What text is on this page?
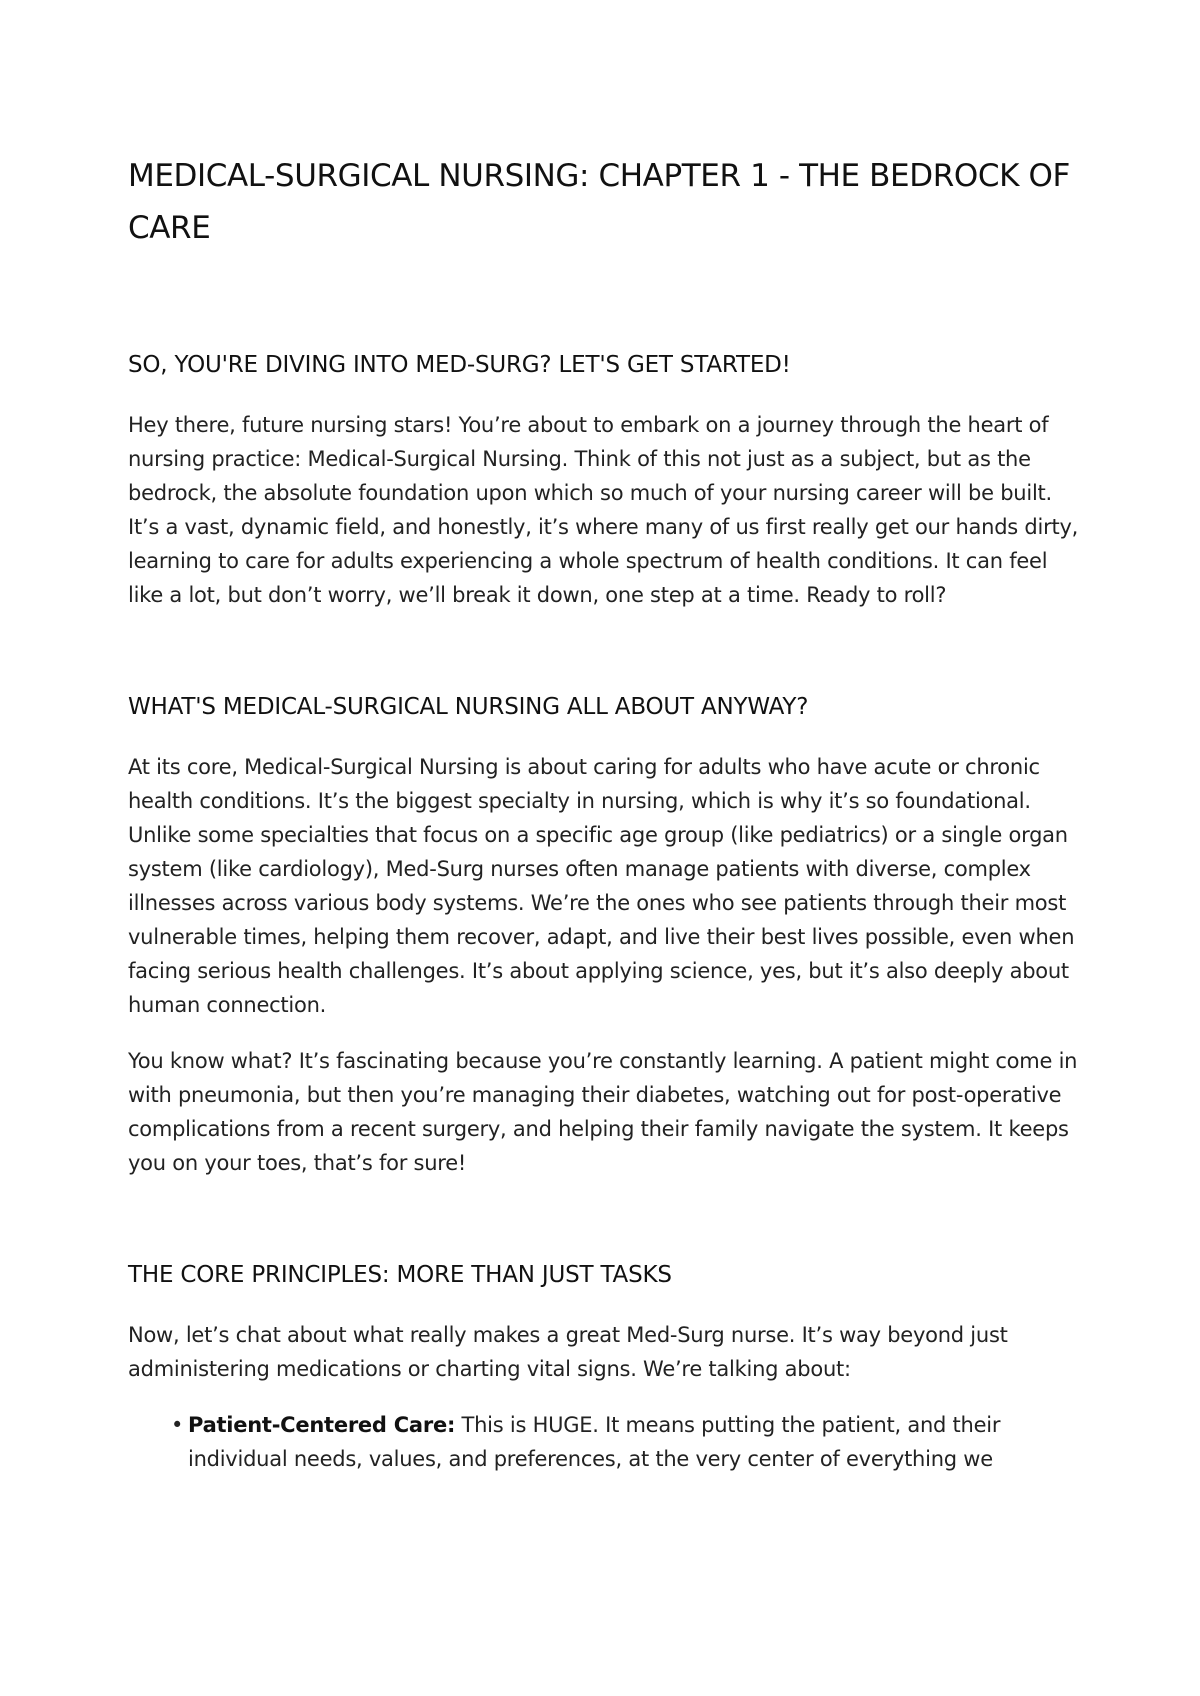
MEDICAL-SURGICAL NURSING: CHAPTER 1 - THE BEDROCK OF CARE
SO, YOU'RE DIVING INTO MED-SURG? LET'S GET STARTED!

Hey there, future nursing stars! You’re about to embark on a journey through the heart of nursing practice: Medical-Surgical Nursing. Think of this not just as a subject, but as the bedrock, the absolute foundation upon which so much of your nursing career will be built. It’s a vast, dynamic field, and honestly, it’s where many of us first really get our hands dirty, learning to care for adults experiencing a whole spectrum of health conditions. It can feel like a lot, but don’t worry, we’ll break it down, one step at a time. Ready to roll?

WHAT'S MEDICAL-SURGICAL NURSING ALL ABOUT ANYWAY?

At its core, Medical-Surgical Nursing is about caring for adults who have acute or chronic health conditions. It’s the biggest specialty in nursing, which is why it’s so foundational. Unlike some specialties that focus on a specific age group (like pediatrics) or a single organ system (like cardiology), Med-Surg nurses often manage patients with diverse, complex illnesses across various body systems. We’re the ones who see patients through their most vulnerable times, helping them recover, adapt, and live their best lives possible, even when facing serious health challenges. It’s about applying science, yes, but it’s also deeply about human connection.

You know what? It’s fascinating because you’re constantly learning. A patient might come in with pneumonia, but then you’re managing their diabetes, watching out for post-operative complications from a recent surgery, and helping their family navigate the system. It keeps you on your toes, that’s for sure!

THE CORE PRINCIPLES: MORE THAN JUST TASKS

Now, let’s chat about what really makes a great Med-Surg nurse. It’s way beyond just administering medications or charting vital signs. We’re talking about:

• Patient-Centered Care: This is HUGE. It means putting the patient, and their individual needs, values, and preferences, at the very center of everything we
